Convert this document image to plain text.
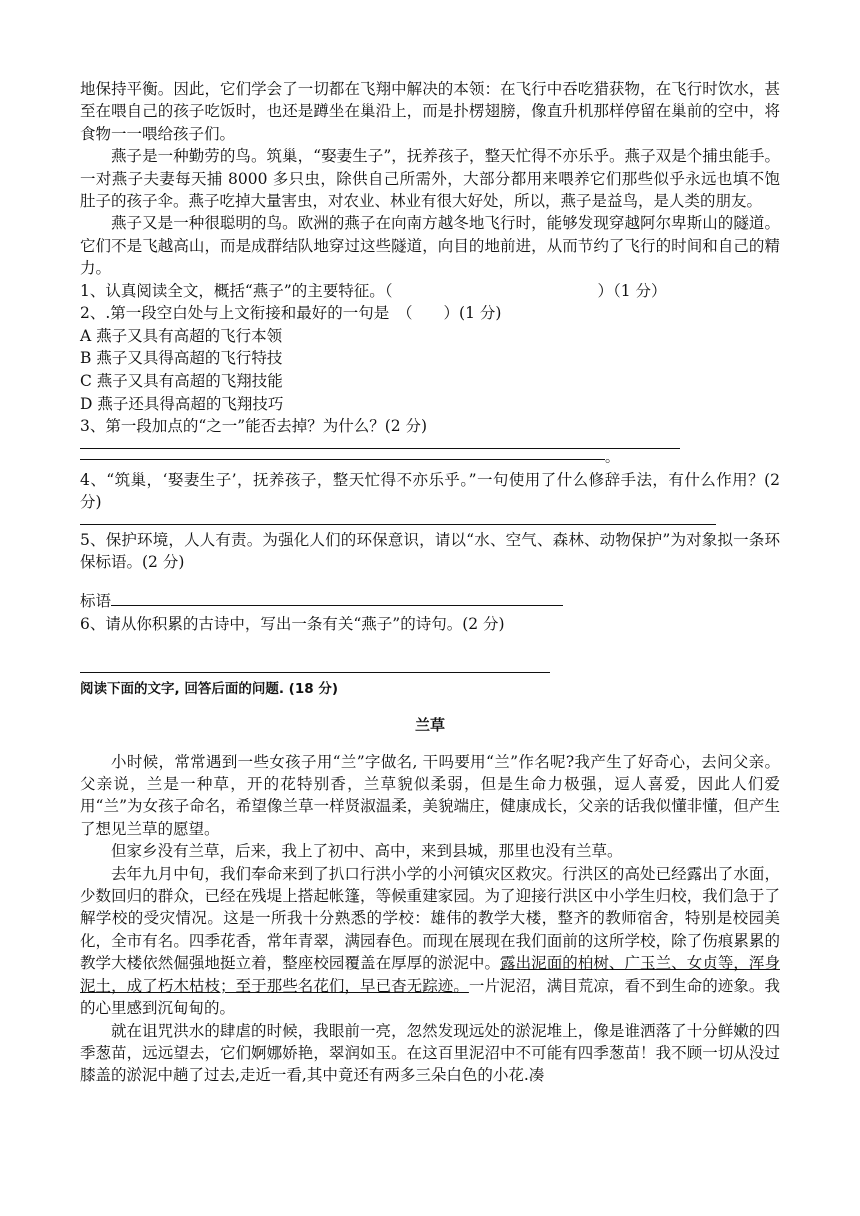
地保持平衡。因此，它们学会了一切都在飞翔中解决的本领：在飞行中吞吃猎获物，在飞行时饮水，甚至在喂自己的孩子吃饭时，也还是蹲坐在巢沿上，而是扑楞翅膀，像直升机那样停留在巢前的空中，将食物一一喂给孩子们。

燕子是一种勤劳的鸟。筑巢，“娶妻生子”，抚养孩子，整天忙得不亦乐乎。燕子双是个捕虫能手。一对燕子夫妻每天捕 8000 多只虫，除供自己所需外，大部分都用来喂养它们那些似乎永远也填不饱肚子的孩子伞。燕子吃掉大量害虫，对农业、林业有很大好处，所以，燕子是益鸟，是人类的朋友。

燕子又是一种很聪明的鸟。欧洲的燕子在向南方越冬地飞行时，能够发现穿越阿尔卑斯山的隧道。它们不是飞越高山，而是成群结队地穿过这些隧道，向目的地前进，从而节约了飞行的时间和自己的精力。

1、认真阅读全文，概括“燕子”的主要特征。（	）（1 分）

2、.第一段空白处与上文衔接和最好的一句是　（　　）(1 分)

A 燕子又具有高超的飞行本领

B 燕子又具得高超的飞行特技

C 燕子又具有高超的飞翔技能

D 燕子还具得高超的飞翔技巧

3、第一段加点的“之一”能否去掉？为什么？(2 分)

。

4、“筑巢，‘娶妻生子’，抚养孩子，整天忙得不亦乐乎。”一句使用了什么修辞手法，有什么作用？(2 分)

5、保护环境，人人有责。为强化人们的环保意识，请以“水、空气、森林、动物保护”为对象拟一条环保标语。(2 分)

标语

6、请从你积累的古诗中，写出一条有关“燕子”的诗句。(2 分)

阅读下面的文字, 回答后面的问题. (18 分)

兰草

小时候，常常遇到一些女孩子用“兰”字做名, 干吗要用“兰”作名呢?我产生了好奇心，去问父亲。父亲说，兰是一种草，开的花特别香，兰草貌似柔弱，但是生命力极强，逗人喜爱，因此人们爱用“兰”为女孩子命名，希望像兰草一样贤淑温柔，美貌端庄，健康成长，父亲的话我似懂非懂，但产生了想见兰草的愿望。

但家乡没有兰草，后来，我上了初中、高中，来到县城，那里也没有兰草。

去年九月中旬，我们奉命来到了扒口行洪小学的小河镇灾区救灾。行洪区的高处已经露出了水面，少数回归的群众，已经在残堤上搭起帐篷，等候重建家园。为了迎接行洪区中小学生归校，我们急于了解学校的受灾情况。这是一所我十分熟悉的学校：雄伟的教学大楼，整齐的教师宿舍，特别是校园美化，全市有名。四季花香，常年青翠，满园春色。而现在展现在我们面前的这所学校，除了伤痕累累的教学大楼依然倔强地挺立着，整座校园覆盖在厚厚的淤泥中。露出泥面的柏树、广玉兰、女贞等，浑身泥土，成了朽木枯枝；至于那些名花们，早已杳无踪迹。一片泥沼，满目荒凉，看不到生命的迹象。我的心里感到沉甸甸的。

就在诅咒洪水的肆虐的时候，我眼前一亮，忽然发现远处的淤泥堆上，像是谁洒落了十分鲜嫩的四季葱苗，远远望去，它们婀娜娇艳，翠润如玉。在这百里泥沼中不可能有四季葱苗！我不顾一切从没过膝盖的淤泥中趟了过去,走近一看,其中竟还有两多三朵白色的小花.凑
